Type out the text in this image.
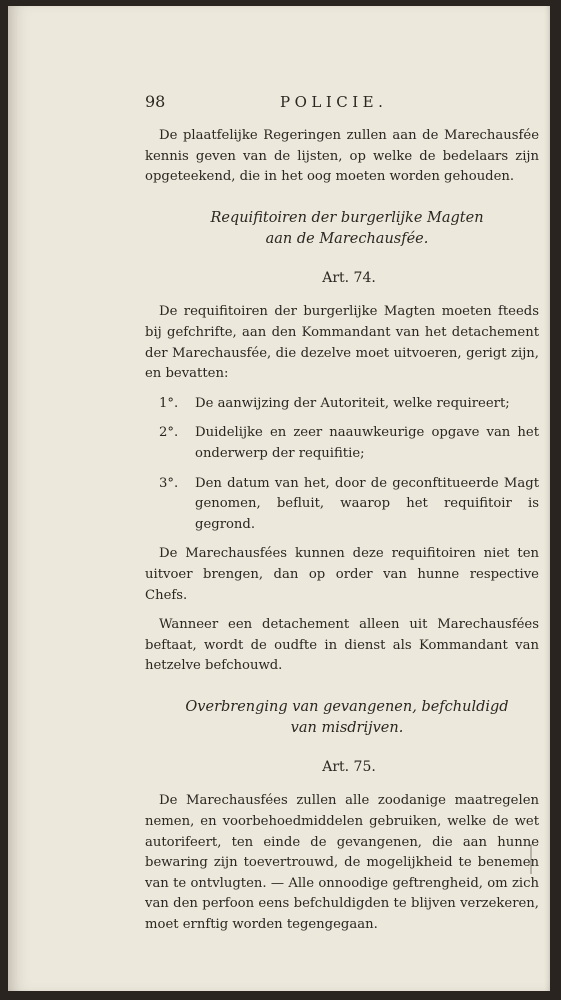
98	POLICIE.

De plaatfelijke Regeringen zullen aan de Marechausfée kennis geven van de lijsten, op welke de bedelaars zijn opgeteekend, die in het oog moeten worden gehouden.

Requifitoiren der burgerlijke Magten
aan de Marechausfée.
Art. 74.

De requifitoiren der burgerlijke Magten moeten fteeds bij gefchrifte, aan den Kommandant van het detachement der Marechausfée, die dezelve moet uitvoeren, gerigt zijn, en bevatten:

1°.	De aanwijzing der Autoriteit, welke requireert;
2°.	Duidelijke en zeer naauwkeurige opgave van het onderwerp der requifitie;
3°.	Den datum van het, door de geconftitueerde Magt genomen, befluit, waarop het requifitoir is gegrond.

De Marechausfées kunnen deze requifitoiren niet ten uitvoer brengen, dan op order van hunne respective Chefs.

Wanneer een detachement alleen uit Marechausfées beftaat, wordt de oudfte in dienst als Kommandant van hetzelve befchouwd.

Overbrenging van gevangenen, befchuldigd
van misdrijven.
Art. 75.

De Marechausfées zullen alle zoodanige maatregelen nemen, en voorbehoedmiddelen gebruiken, welke de wet autorifeert, ten einde de gevangenen, die aan hunne bewaring zijn toevertrouwd, de mogelijkheid te benemen van te ontvlugten. — Alle onnoodige geftrengheid, om zich van den perfoon eens befchuldigden te blijven verzekeren, moet ernftig worden tegengegaan.
